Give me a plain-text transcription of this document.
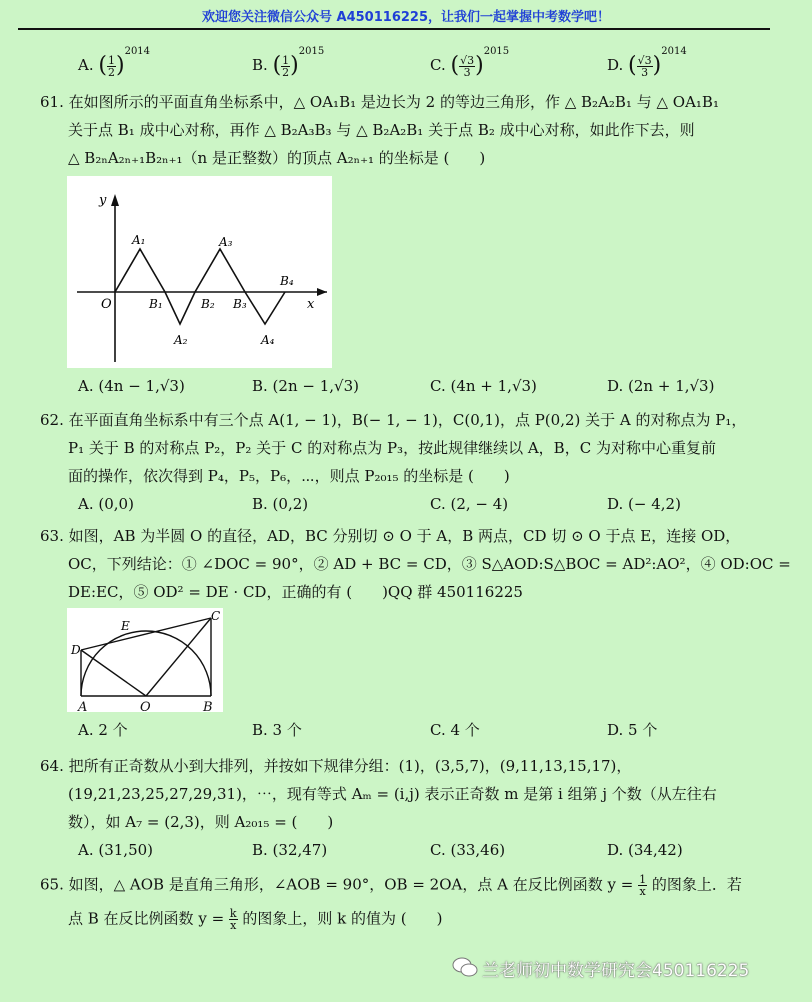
欢迎您关注微信公众号 A450116225，让我们一起掌握中考数学吧！
A. ( $\frac{1}{2} )^{2014}$
B. ( $\frac{1}{2} )^{2015}$
C. ( $\frac{√3}{3} )^{2015}$
D. ( $\frac{√3}{3} )^{2014}$
61. 在如图所示的平面直角坐标系中，△ OA₁B₁ 是边长为 2 的等边三角形，作 △ B₂A₂B₁ 与 △ OA₁B₁
关于点 B₁ 成中心对称，再作 △ B₂A₃B₃ 与 △ B₂A₂B₁ 关于点 B₂ 成中心对称，如此作下去，则
△ B₂ₙA₂ₙ₊₁B₂ₙ₊₁（n 是正整数）的顶点 A₂ₙ₊₁ 的坐标是 (　　)
y
x
O
A₁
A₂
A₃
A₄
B₁	B₂ B₃
B₄
A. (4n − 1,√3)	B. (2n − 1,√3)	C. (4n + 1,√3)	D. (2n + 1,√3)
62. 在平面直角坐标系中有三个点 A(1, − 1)，B(− 1, − 1)，C(0,1)，点 P(0,2) 关于 A 的对称点为 P₁，
P₁ 关于 B 的对称点 P₂，P₂ 关于 C 的对称点为 P₃，按此规律继续以 A，B，C 为对称中心重复前
面的操作，依次得到 P₄，P₅，P₆，⋯，则点 P₂₀₁₅ 的坐标是 (　　)
A. (0,0)	B. (0,2)	C. (2, − 4)	D. (− 4,2)
63. 如图，AB 为半圆 O 的直径，AD，BC 分别切 ⊙ O 于 A，B 两点，CD 切 ⊙ O 于点 E，连接 OD，
OC，下列结论：① ∠DOC = 90°，② AD + BC = CD，③ S△AOD:S△BOC = AD²:AO²，④ OD:OC =
DE:EC，⑤ OD² = DE · CD，正确的有 (　　)QQ 群 450116225
D
E
C
A	O	B
A. 2 个	B. 3 个	C. 4 个	D. 5 个
64. 把所有正奇数从小到大排列，并按如下规律分组：(1)，(3,5,7)，(9,11,13,15,17)，
(19,21,23,25,27,29,31)，⋯，现有等式 Aₘ = (i,j) 表示正奇数 m 是第 i 组第 j 个数（从左往右
数），如 A₇ = (2,3)，则 A₂₀₁₅ = (　　)
A. (31,50)	B. (32,47)	C. (33,46)	D. (34,42)
65. 如图，△ AOB 是直角三角形，∠AOB = 90°，OB = 2OA，点 A 在反比例函数 $y = \frac{1}{x}$ 的图象上．若
点 B 在反比例函数 $y = \frac{k}{x}$ 的图象上，则 k 的值为 (　　)
兰老师初中数学研究会450116225
